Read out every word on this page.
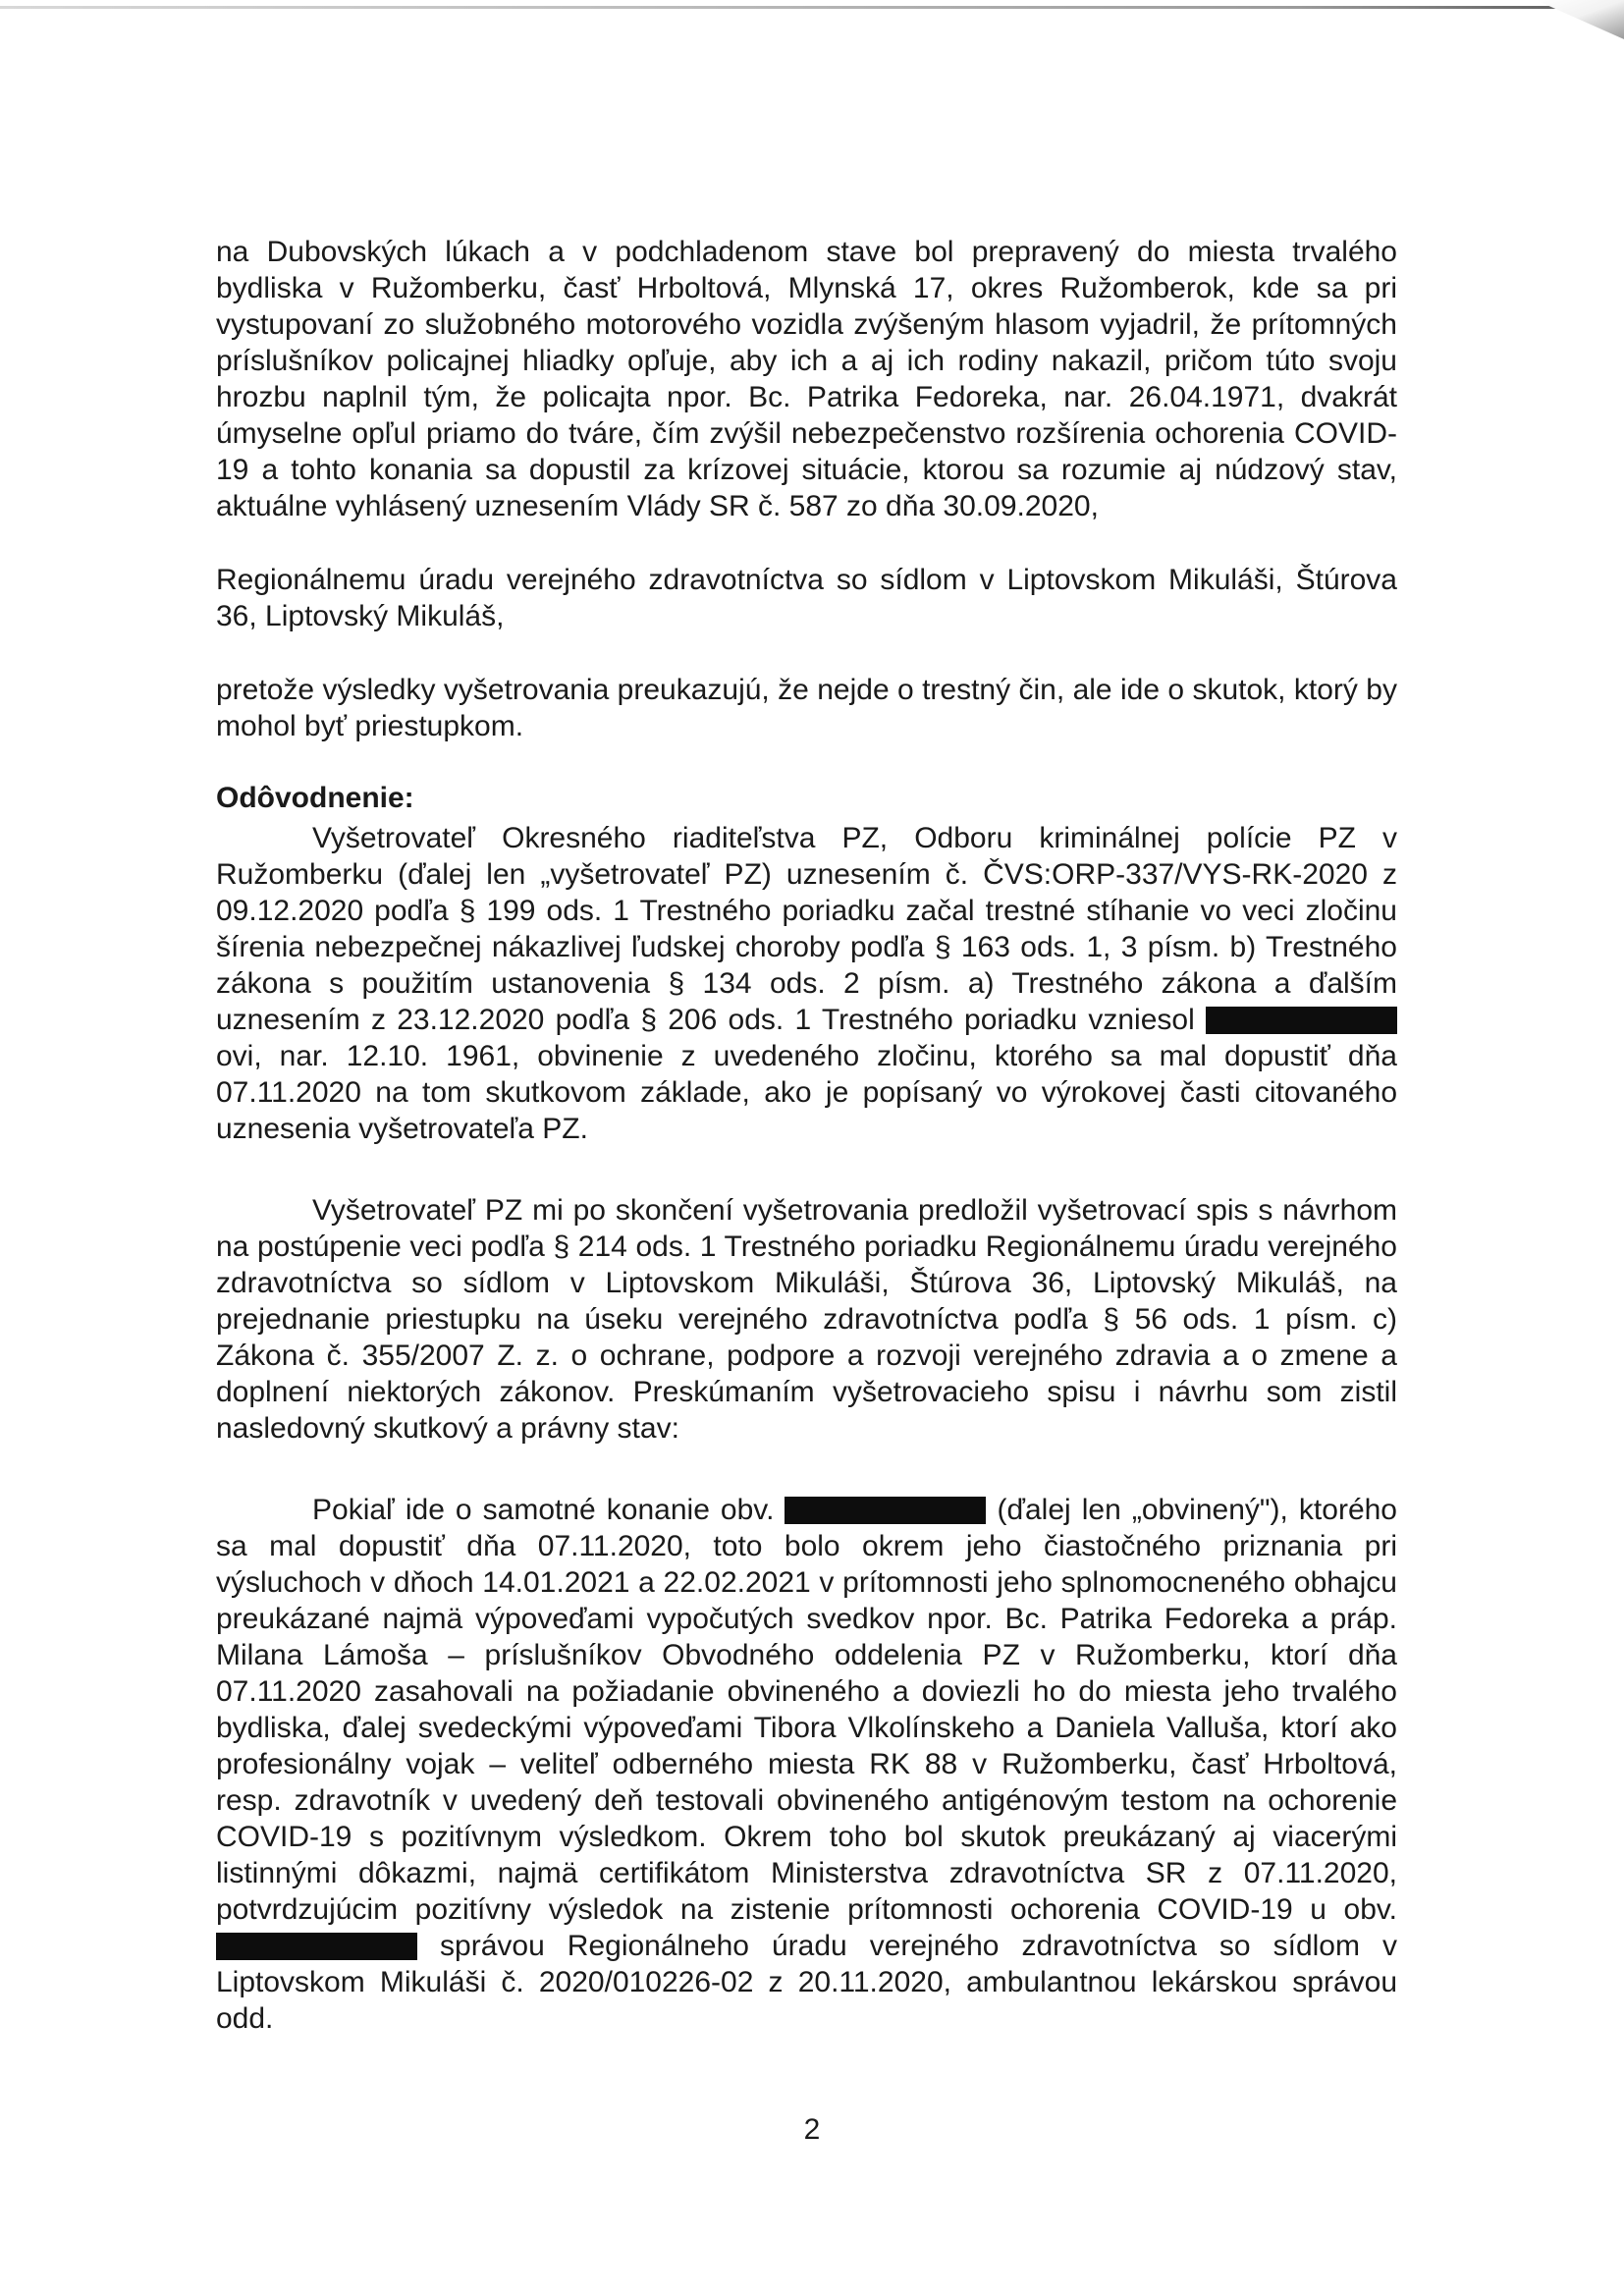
na Dubovských lúkach a v podchladenom stave bol prepravený do miesta trvalého bydliska v Ružomberku, časť Hrboltová, Mlynská 17, okres Ružomberok, kde sa pri vystupovaní zo služobného motorového vozidla zvýšeným hlasom vyjadril, že prítomných príslušníkov policajnej hliadky opľuje, aby ich a aj ich rodiny nakazil, pričom túto svoju hrozbu naplnil tým, že policajta npor. Bc. Patrika Fedoreka, nar. 26.04.1971, dvakrát úmyselne opľul priamo do tváre, čím zvýšil nebezpečenstvo rozšírenia ochorenia COVID-19 a tohto konania sa dopustil za krízovej situácie, ktorou sa rozumie aj núdzový stav, aktuálne vyhlásený uznesením Vlády SR č. 587 zo dňa 30.09.2020,

Regionálnemu úradu verejného zdravotníctva so sídlom v Liptovskom Mikuláši, Štúrova 36, Liptovský Mikuláš,

pretože výsledky vyšetrovania preukazujú, že nejde o trestný čin, ale ide o skutok, ktorý by mohol byť priestupkom.

Odôvodnenie:

Vyšetrovateľ Okresného riaditeľstva PZ, Odboru kriminálnej polície PZ v Ružomberku (ďalej len „vyšetrovateľ PZ) uznesením č. ČVS:ORP-337/VYS-RK-2020 z 09.12.2020 podľa § 199 ods. 1 Trestného poriadku začal trestné stíhanie vo veci zločinu šírenia nebezpečnej nákazlivej ľudskej choroby podľa § 163 ods. 1, 3 písm. b) Trestného zákona s použitím ustanovenia § 134 ods. 2 písm. a) Trestného zákona a ďalším uznesením z 23.12.2020 podľa § 206 ods. 1 Trestného poriadku vzniesol ovi, nar. 12.10. 1961, obvinenie z uvedeného zločinu, ktorého sa mal dopustiť dňa 07.11.2020 na tom skutkovom základe, ako je popísaný vo výrokovej časti citovaného uznesenia vyšetrovateľa PZ.

Vyšetrovateľ PZ mi po skončení vyšetrovania predložil vyšetrovací spis s návrhom na postúpenie veci podľa § 214 ods. 1 Trestného poriadku Regionálnemu úradu verejného zdravotníctva so sídlom v Liptovskom Mikuláši, Štúrova 36, Liptovský Mikuláš, na prejednanie priestupku na úseku verejného zdravotníctva podľa § 56 ods. 1 písm. c) Zákona č. 355/2007 Z. z. o ochrane, podpore a rozvoji verejného zdravia a o zmene a doplnení niektorých zákonov. Preskúmaním vyšetrovacieho spisu i návrhu som zistil nasledovný skutkový a právny stav:

Pokiaľ ide o samotné konanie obv.	(ďalej len „obvinený"), ktorého sa mal dopustiť dňa 07.11.2020, toto bolo okrem jeho čiastočného priznania pri výsluchoch v dňoch 14.01.2021 a 22.02.2021 v prítomnosti jeho splnomocneného obhajcu preukázané najmä výpoveďami vypočutých svedkov npor. Bc. Patrika Fedoreka a práp. Milana Lámoša – príslušníkov Obvodného oddelenia PZ v Ružomberku, ktorí dňa 07.11.2020 zasahovali na požiadanie obvineného a doviezli ho do miesta jeho trvalého bydliska, ďalej svedeckými výpoveďami Tibora Vlkolínskeho a Daniela Valluša, ktorí ako profesionálny vojak – veliteľ odberného miesta RK 88 v Ružomberku, časť Hrboltová, resp. zdravotník v uvedený deň testovali obvineného antigénovým testom na ochorenie COVID-19 s pozitívnym výsledkom. Okrem toho bol skutok preukázaný aj viacerými listinnými dôkazmi, najmä certifikátom Ministerstva zdravotníctva SR z 07.11.2020, potvrdzujúcim pozitívny výsledok na zistenie prítomnosti ochorenia COVID-19 u obv.  správou Regionálneho úradu verejného zdravotníctva so sídlom v Liptovskom Mikuláši č. 2020/010226-02 z 20.11.2020, ambulantnou lekárskou správou odd.

2
